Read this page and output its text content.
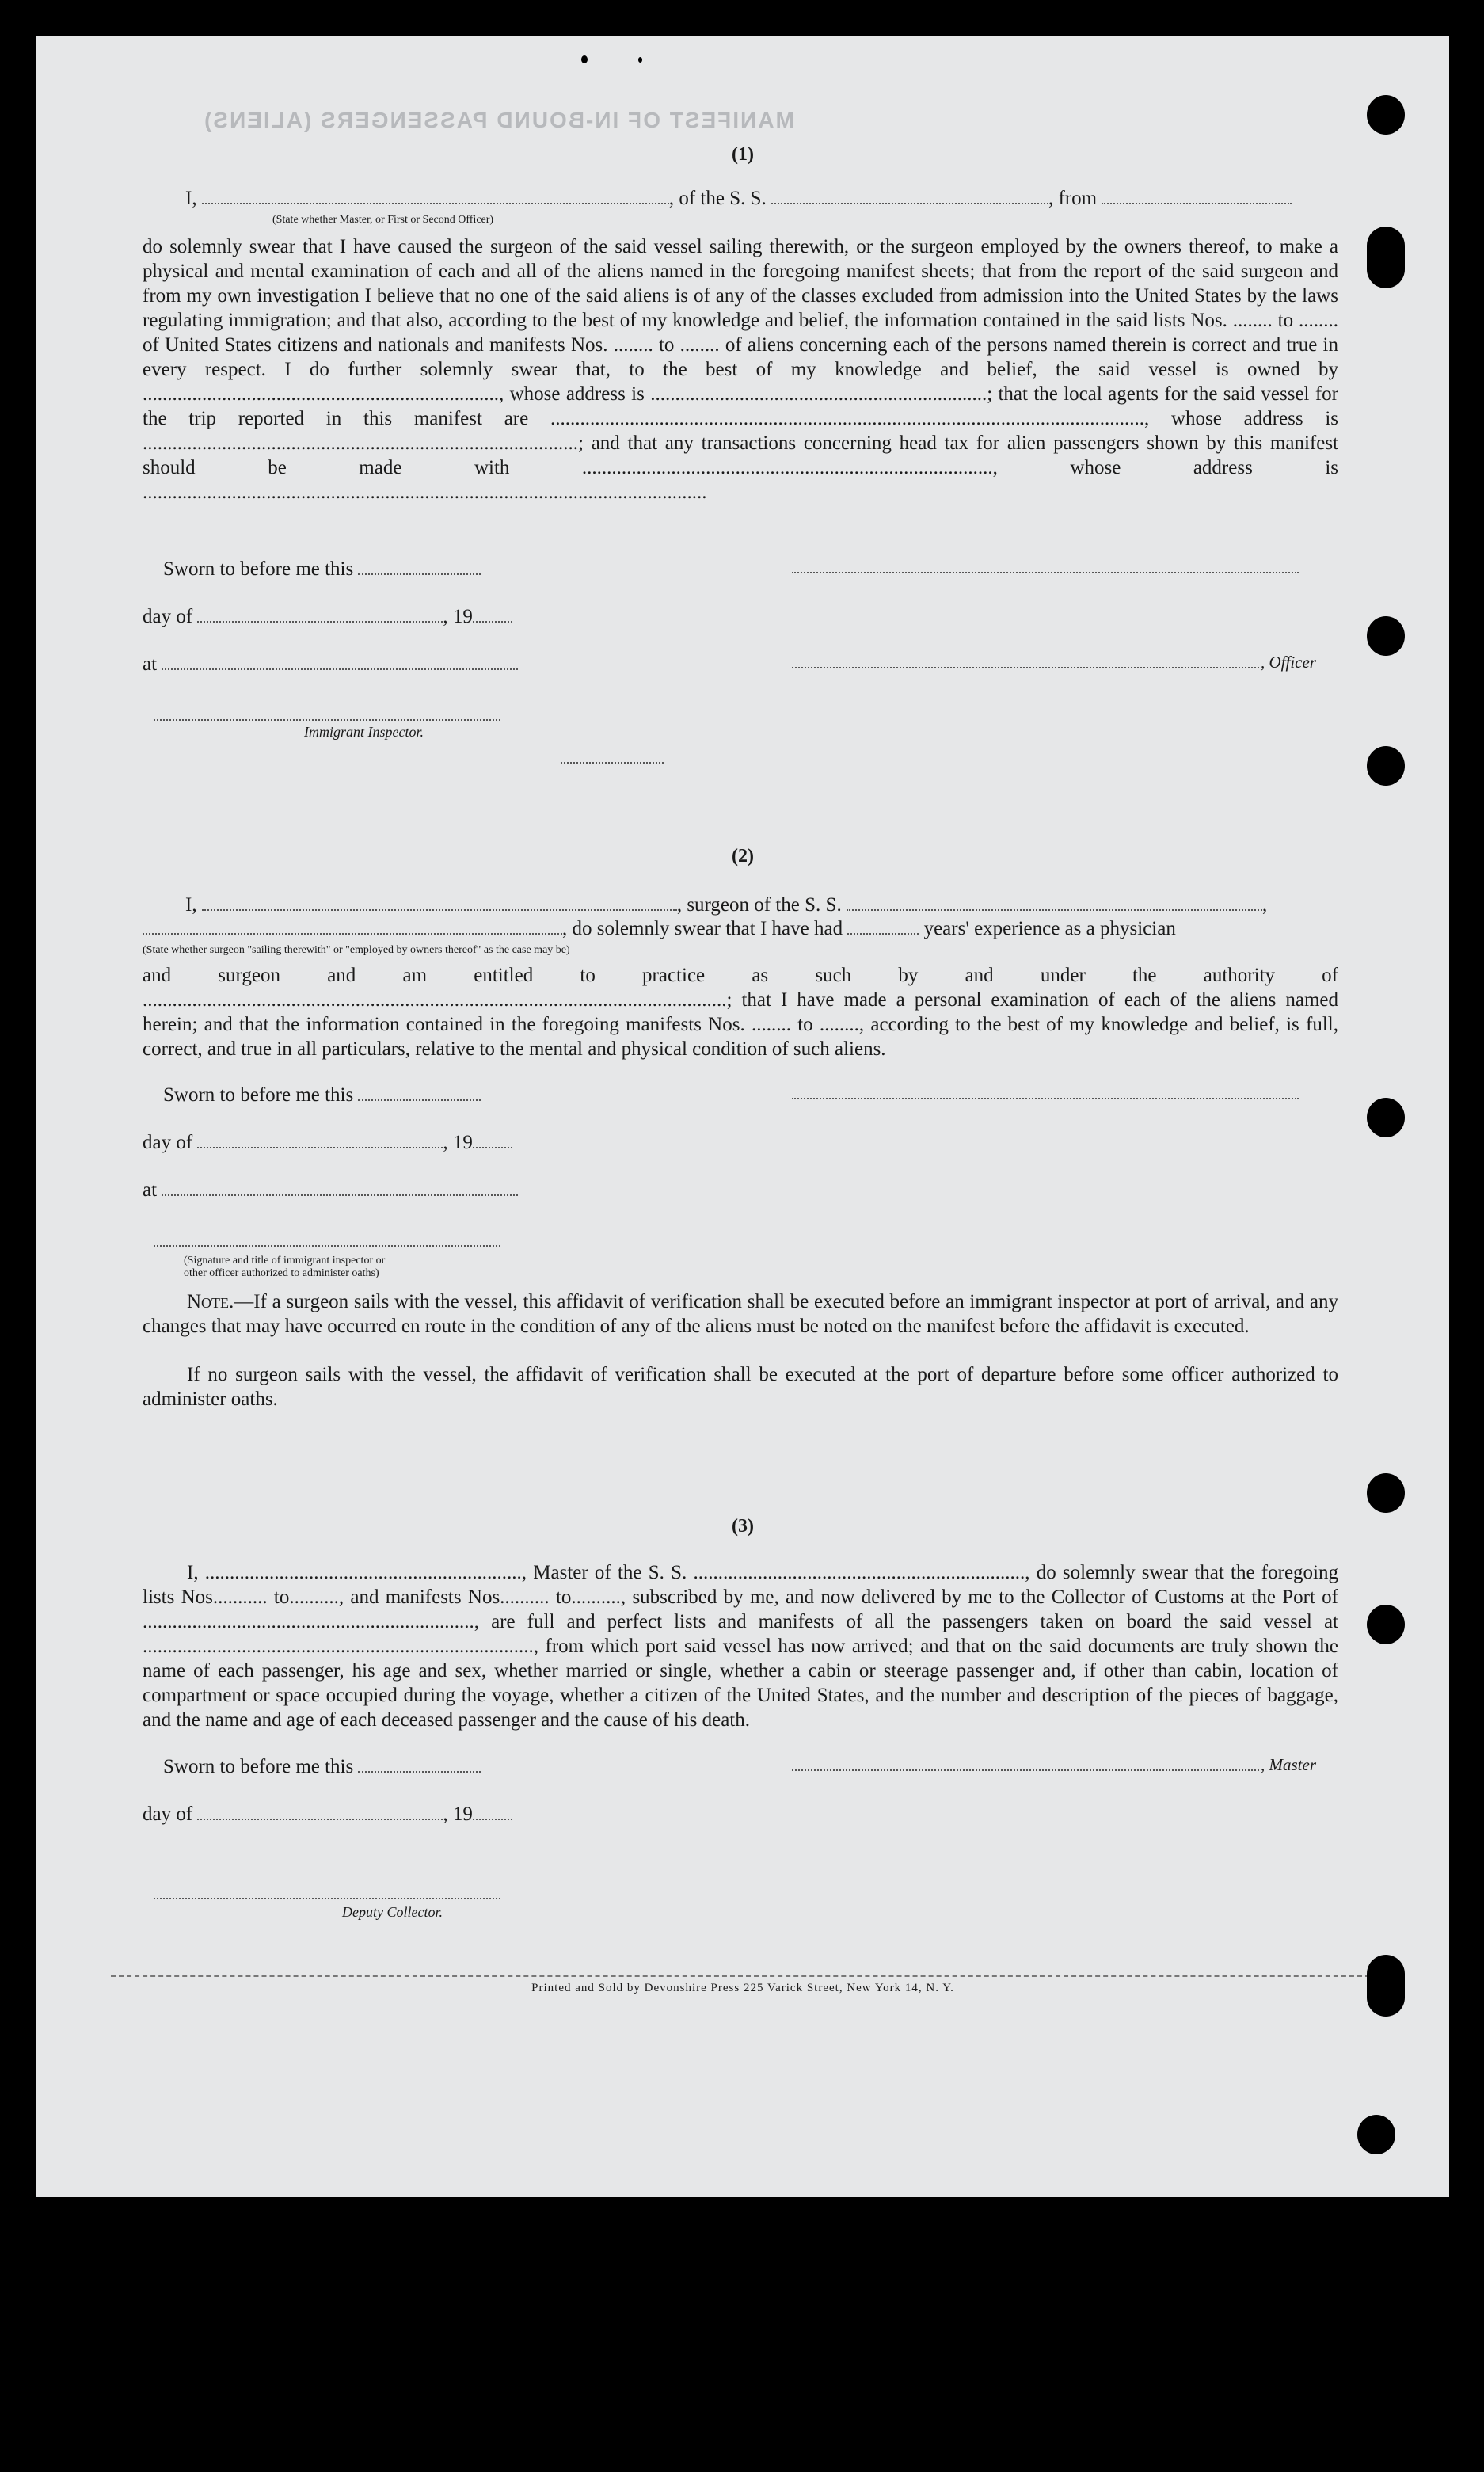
MANIFEST OF IN-BOUND PASSENGERS (ALIENS)
(1)
I,	, of the S. S.	, from
(State whether Master, or First or Second Officer)

do solemnly swear that I have caused the surgeon of the said vessel sailing therewith, or the surgeon employed by the owners thereof, to make a physical and mental examination of each and all of the aliens named in the foregoing manifest sheets; that from the report of the said surgeon and from my own investigation I believe that no one of the said aliens is of any of the classes excluded from admission into the United States by the laws regulating immigration; and that also, according to the best of my knowledge and belief, the information contained in the said lists Nos. ........ to ........ of United States citizens and nationals and manifests Nos. ........ to ........ of aliens concerning each of the persons named therein is correct and true in every respect. I do further solemnly swear that, to the best of my knowledge and belief, the said vessel is owned by ........................................................................, whose address is ....................................................................; that the local agents for the said vessel for the trip reported in this manifest are ........................................................................................................................, whose address is ........................................................................................; and that any transactions concerning head tax for alien passengers shown by this manifest should be made with ..................................................................................., whose address is ..................................................................................................................

Sworn to before me this
day of	, 19
at	, Officer
Immigrant Inspector.
(2)
I,	, surgeon of the S. S.	,
, do solemnly swear that I have had	years' experience as a physician
(State whether surgeon "sailing therewith" or "employed by owners thereof" as the case may be)

and surgeon and am entitled to practice as such by and under the authority of ......................................................................................................................; that I have made a personal examination of each of the aliens named herein; and that the information contained in the foregoing manifests Nos. ........ to ........, according to the best of my knowledge and belief, is full, correct, and true in all particulars, relative to the mental and physical condition of such aliens.

Sworn to before me this
day of	, 19
at
(Signature and title of immigrant inspector or
other officer authorized to administer oaths)

Note.—If a surgeon sails with the vessel, this affidavit of verification shall be executed before an immigrant inspector at port of arrival, and any changes that may have occurred en route in the condition of any of the aliens must be noted on the manifest before the affidavit is executed.

If no surgeon sails with the vessel, the affidavit of verification shall be executed at the port of departure before some officer authorized to administer oaths.

(3)

I, ................................................................, Master of the S. S. ..................................................................., do solemnly swear that the foregoing lists Nos........... to.........., and manifests Nos.......... to.........., subscribed by me, and now delivered by me to the Collector of Customs at the Port of ..................................................................., are full and perfect lists and manifests of all the passengers taken on board the said vessel at ..............................................................................., from which port said vessel has now arrived; and that on the said documents are truly shown the name of each passenger, his age and sex, whether married or single, whether a cabin or steerage passenger and, if other than cabin, location of compartment or space occupied during the voyage, whether a citizen of the United States, and the number and description of the pieces of baggage, and the name and age of each deceased passenger and the cause of his death.

Sworn to before me this	, Master
day of	, 19
Deputy Collector.
Printed and Sold by Devonshire Press 225 Varick Street, New York 14, N. Y.
